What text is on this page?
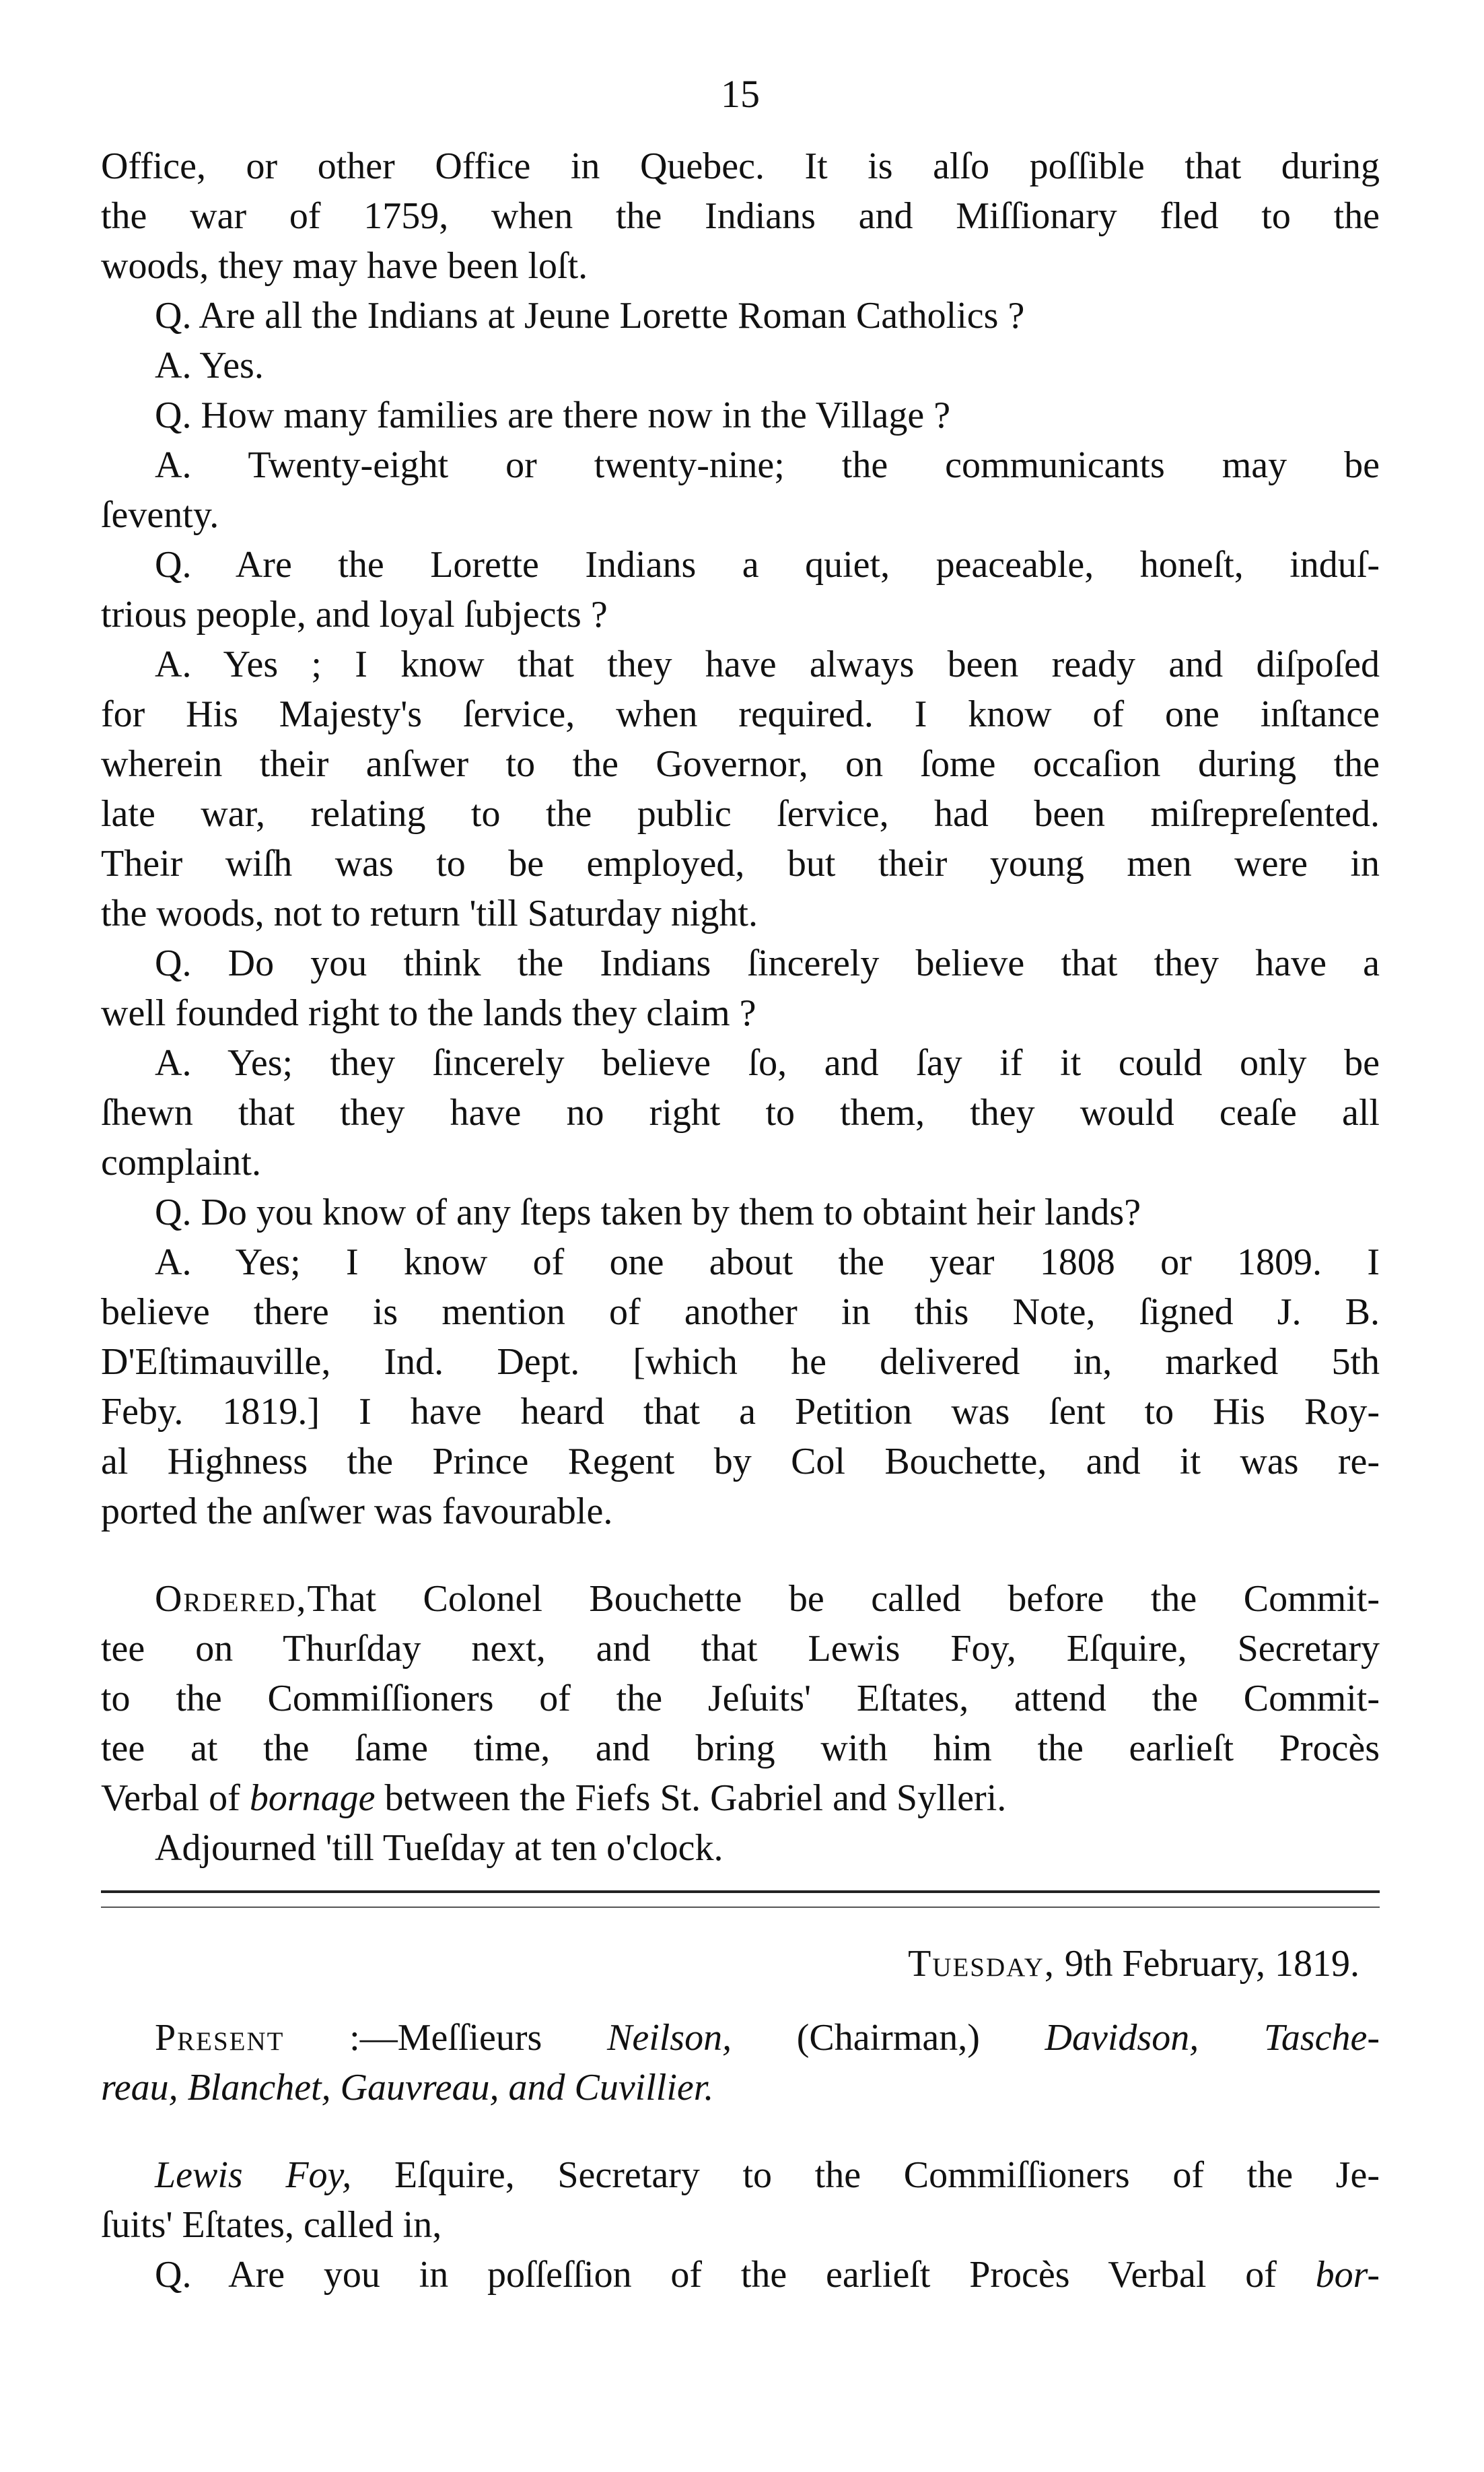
15
Office, or other Office in Quebec. It is alſo poſſible that during
the war of 1759, when the Indians and Miſſionary fled to the
woods, they may have been loſt.
Q. Are all the Indians at Jeune Lorette Roman Catholics ?
A. Yes.
Q. How many families are there now in the Village ?
A. Twenty-eight or twenty-nine; the communicants may be
ſeventy.
Q. Are the Lorette Indians a quiet, peaceable, honeſt, induſ-
trious people, and loyal ſubjects ?
A. Yes ; I know that they have always been ready and diſpoſed
for His Majesty's ſervice, when required. I know of one inſtance
wherein their anſwer to the Governor, on ſome occaſion during the
late war, relating to the public ſervice, had been miſrepreſented.
Their wiſh was to be employed, but their young men were in
the woods, not to return 'till Saturday night.
Q. Do you think the Indians ſincerely believe that they have a
well founded right to the lands they claim ?
A. Yes; they ſincerely believe ſo, and ſay if it could only be
ſhewn that they have no right to them, they would ceaſe all
complaint.
Q. Do you know of any ſteps taken by them to obtaint heir lands?
A. Yes; I know of one about the year 1808 or 1809. I
believe there is mention of another in this Note, ſigned J. B.
D'Eſtimauville, Ind. Dept. [which he delivered in, marked 5th
Feby. 1819.] I have heard that a Petition was ſent to His Roy-
al Highness the Prince Regent by Col Bouchette, and it was re-
ported the anſwer was favourable.
Ordered,That Colonel Bouchette be called before the Commit-
tee on Thurſday next, and that Lewis Foy, Eſquire, Secretary
to the Commiſſioners of the Jeſuits' Eſtates, attend the Commit-
tee at the ſame time, and bring with him the earlieſt Procès
Verbal of bornage between the Fiefs St. Gabriel and Sylleri.
Adjourned 'till Tueſday at ten o'clock.
Tuesday, 9th February, 1819.
Present :—Meſſieurs Neilson, (Chairman,) Davidson, Tasche-
reau, Blanchet, Gauvreau, and Cuvillier.
Lewis Foy, Eſquire, Secretary to the Commiſſioners of the Je-
ſuits' Eſtates, called in,
Q. Are you in poſſeſſion of the earlieſt Procès Verbal of bor-
